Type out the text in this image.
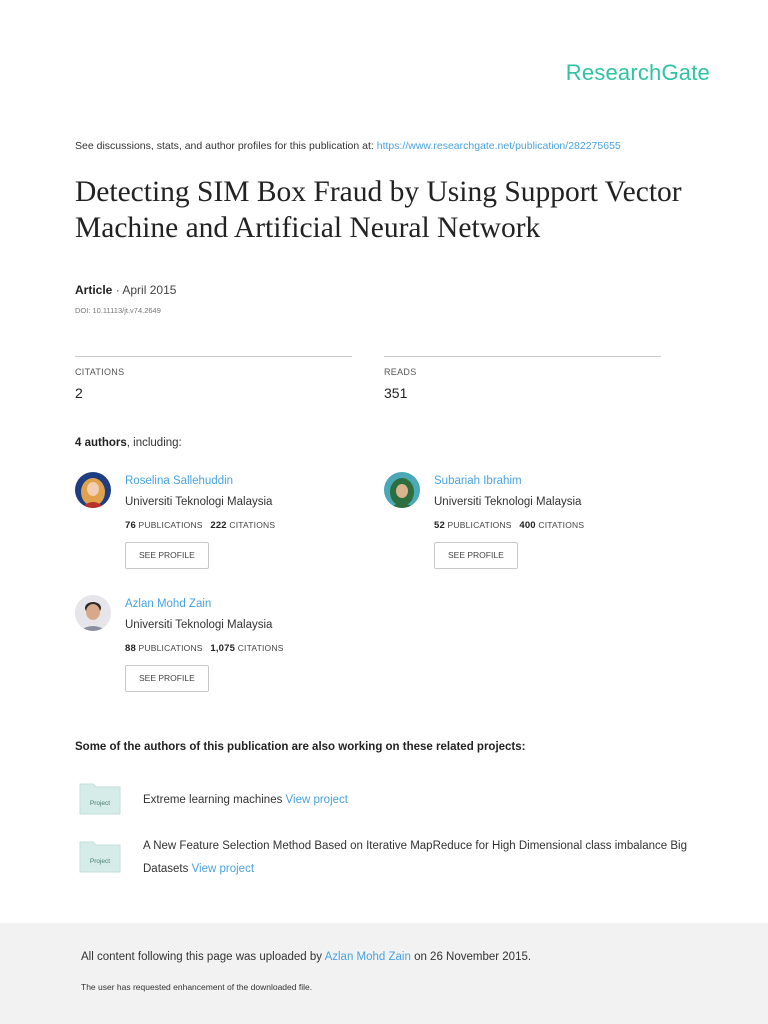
ResearchGate
See discussions, stats, and author profiles for this publication at: https://www.researchgate.net/publication/282275655
Detecting SIM Box Fraud by Using Support Vector Machine and Artificial Neural Network
Article · April 2015
DOI: 10.11113/jt.v74.2649
CITATIONS
2
READS
351
4 authors, including:
Roselina Sallehuddin
Universiti Teknologi Malaysia
76 PUBLICATIONS 222 CITATIONS
SEE PROFILE
Subariah Ibrahim
Universiti Teknologi Malaysia
52 PUBLICATIONS 400 CITATIONS
SEE PROFILE
Azlan Mohd Zain
Universiti Teknologi Malaysia
88 PUBLICATIONS 1,075 CITATIONS
SEE PROFILE
Some of the authors of this publication are also working on these related projects:
Project	Extreme learning machines View project
Project
A New Feature Selection Method Based on Iterative MapReduce for High Dimensional class imbalance Big Datasets View project
All content following this page was uploaded by Azlan Mohd Zain on 26 November 2015.
The user has requested enhancement of the downloaded file.
